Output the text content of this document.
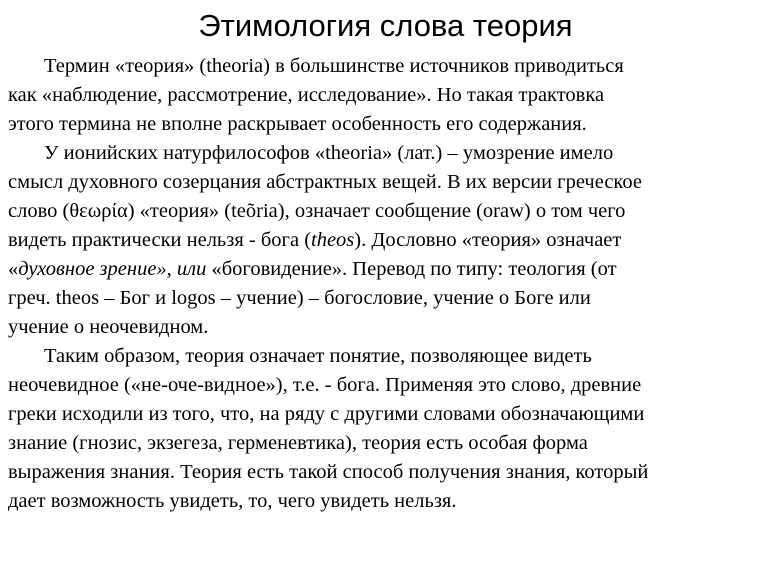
Этимология слова теория
Термин «теория» (theoria) в большинстве источников приводиться
как «наблюдение, рассмотрение, исследование». Но такая трактовка
этого термина не вполне раскрывает особенность его содержания.
У ионийских натурфилософов «theoria» (лат.) – умозрение имело
смысл духовного созерцания абстрактных вещей. В их версии греческое
слово (θεωρία) «теория» (teõria), означает сообщение (oraw) о том чего
видеть практически нельзя - бога (theos). Дословно «теория» означает
«духовное зрение», или «боговидение». Перевод по типу: теология (от
греч. theos – Бог и logos – учение) – богословие, учение о Боге или
учение о неочевидном.
Таким образом, теория означает понятие, позволяющее видеть
неочевидное («не-оче-видное»), т.е. - бога. Применяя это слово, древние
греки исходили из того, что, на ряду с другими словами обозначающими
знание (гнозис, экзегеза, герменевтика), теория есть особая форма
выражения знания. Теория есть такой способ получения знания, который
дает возможность увидеть, то, чего увидеть нельзя.
